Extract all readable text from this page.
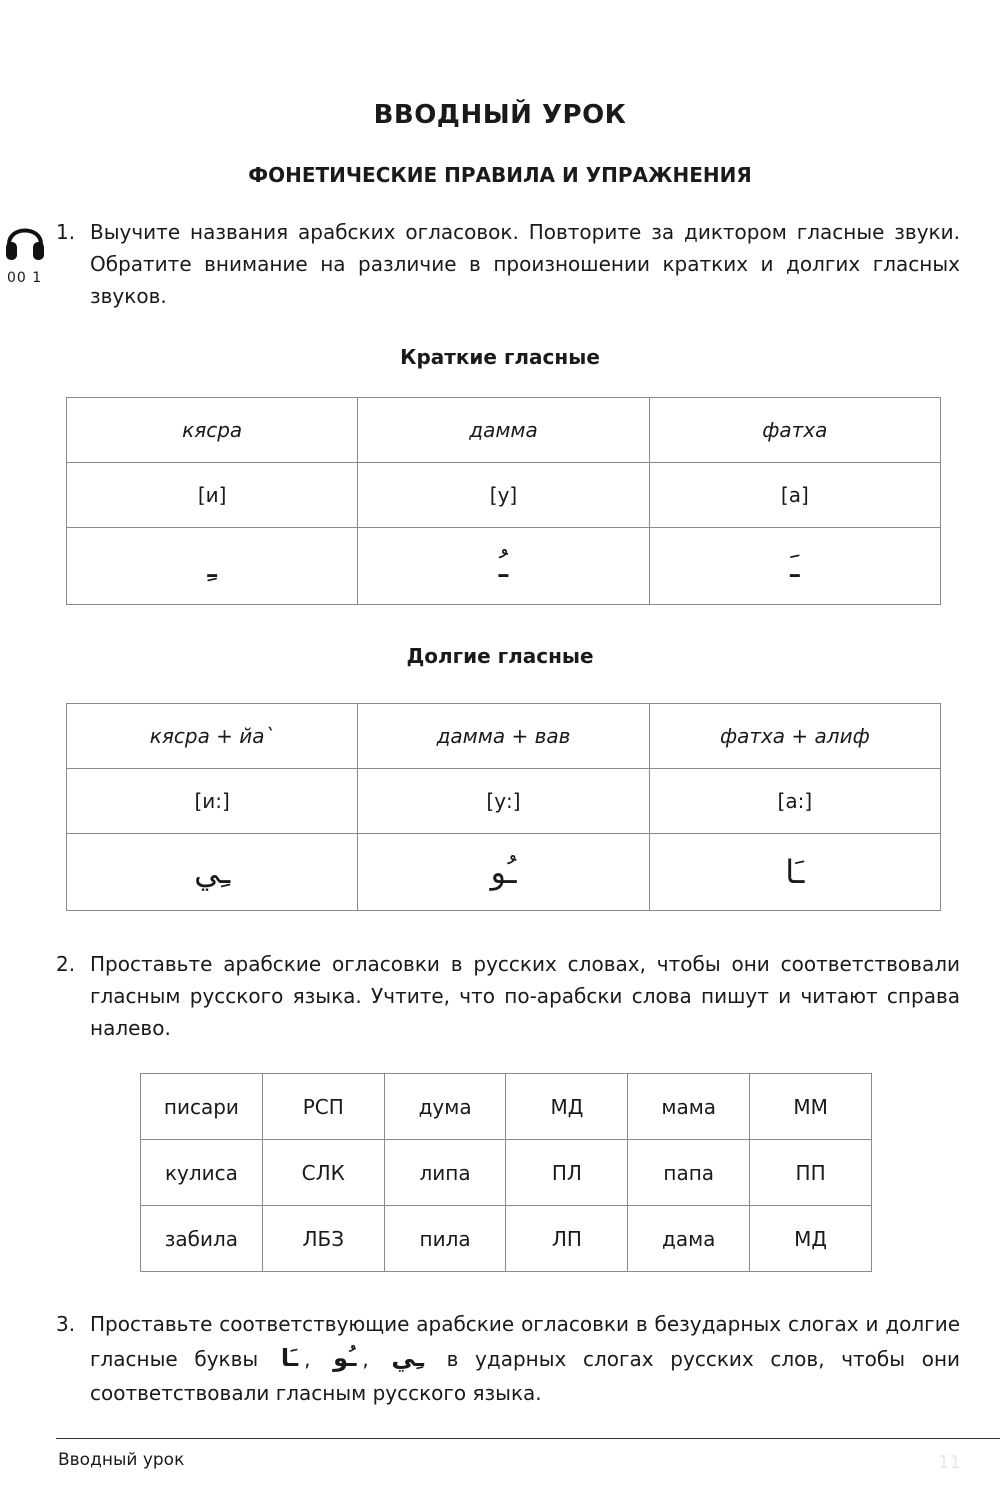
ВВОДНЫЙ УРОК
ФОНЕТИЧЕСКИЕ ПРАВИЛА И УПРАЖНЕНИЯ
00 1
1. Выучите названия арабских огласовок. Повторите за диктором гласные звуки. Обратите внимание на различие в произношении кратких и долгих гласных звуков.
Краткие гласные
кясра	дамма	фатха
[и]	[у]	[а]
ـِ	ـُ	ـَ
Долгие гласные
кясра + йа`	дамма + вав	фатха + алиф
[и:]	[у:]	[а:]
ـِي	ـُو	ـَا
2. Проставьте арабские огласовки в русских словах, чтобы они соответствовали гласным русского языка. Учтите, что по-арабски слова пишут и читают справа налево.
писари	РСП	дума	МД	мама	ММ
кулиса	СЛК	липа	ПЛ	папа	ПП
забила	ЛБЗ	пила	ЛП	дама	МД
3. Проставьте соответствующие арабские огласовки в безударных слогах и долгие гласные буквы ـَا , ـُو , ـِي в ударных слогах русских слов, чтобы они соответствовали гласным русского языка.
Вводный урок	11
